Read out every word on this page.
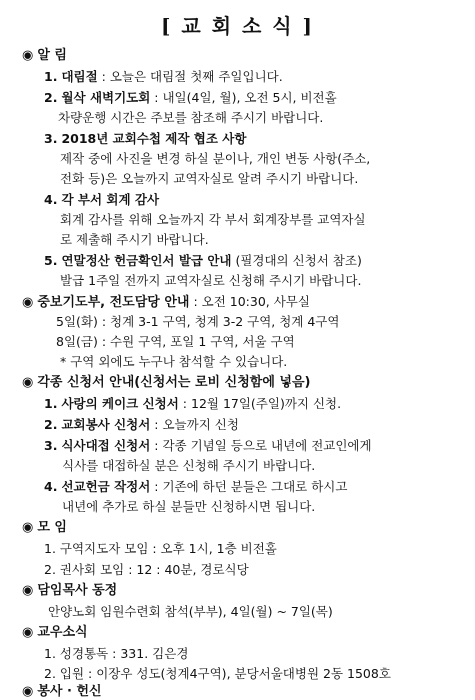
[ 교 회 소 식 ]
◉ 알 림
1. 대림절 : 오늘은 대림절 첫째 주일입니다.
2. 월삭 새벽기도회 : 내일(4일, 월), 오전 5시, 비전홀
차량운행 시간은 주보를 참조해 주시기 바랍니다.
3. 2018년 교회수첩 제작 협조 사항
제작 중에 사진을 변경 하실 분이나, 개인 변동 사항(주소,
전화 등)은 오늘까지 교역자실로 알려 주시기 바랍니다.
4. 각 부서 회계 감사
회계 감사를 위해 오늘까지 각 부서 회계장부를 교역자실
로 제출해 주시기 바랍니다.
5. 연말정산 헌금확인서 발급 안내 (필경대의 신청서 참조)
발급 1주일 전까지 교역자실로 신청해 주시기 바랍니다.
◉ 중보기도부, 전도담당 안내 : 오전 10:30, 사무실
5일(화) : 청계 3-1 구역, 청계 3-2 구역, 청계 4구역
8일(금) : 수원 구역, 포일 1 구역, 서울 구역
* 구역 외에도 누구나 참석할 수 있습니다.
◉ 각종 신청서 안내(신청서는 로비 신청함에 넣음)
1. 사랑의 케이크 신청서 : 12월 17일(주일)까지 신청.
2. 교회봉사 신청서 : 오늘까지 신청
3. 식사대접 신청서 : 각종 기념일 등으로 내년에 전교인에게
식사를 대접하실 분은 신청해 주시기 바랍니다.
4. 선교헌금 작정서 : 기존에 하던 분들은 그대로 하시고
내년에 추가로 하실 분들만 신청하시면 됩니다.
◉ 모 임
1. 구역지도자 모임 : 오후 1시, 1층 비전홀
2. 권사회 모임 : 12 : 40분, 경로식당
◉ 담임목사 동정
안양노회 임원수련회 참석(부부), 4일(월) ~ 7일(목)
◉ 교우소식
1. 성경통독 : 331. 김은경
2. 입원 : 이장우 성도(청계4구역), 분당서울대병원 2동 1508호
◉ 봉사 · 헌신
